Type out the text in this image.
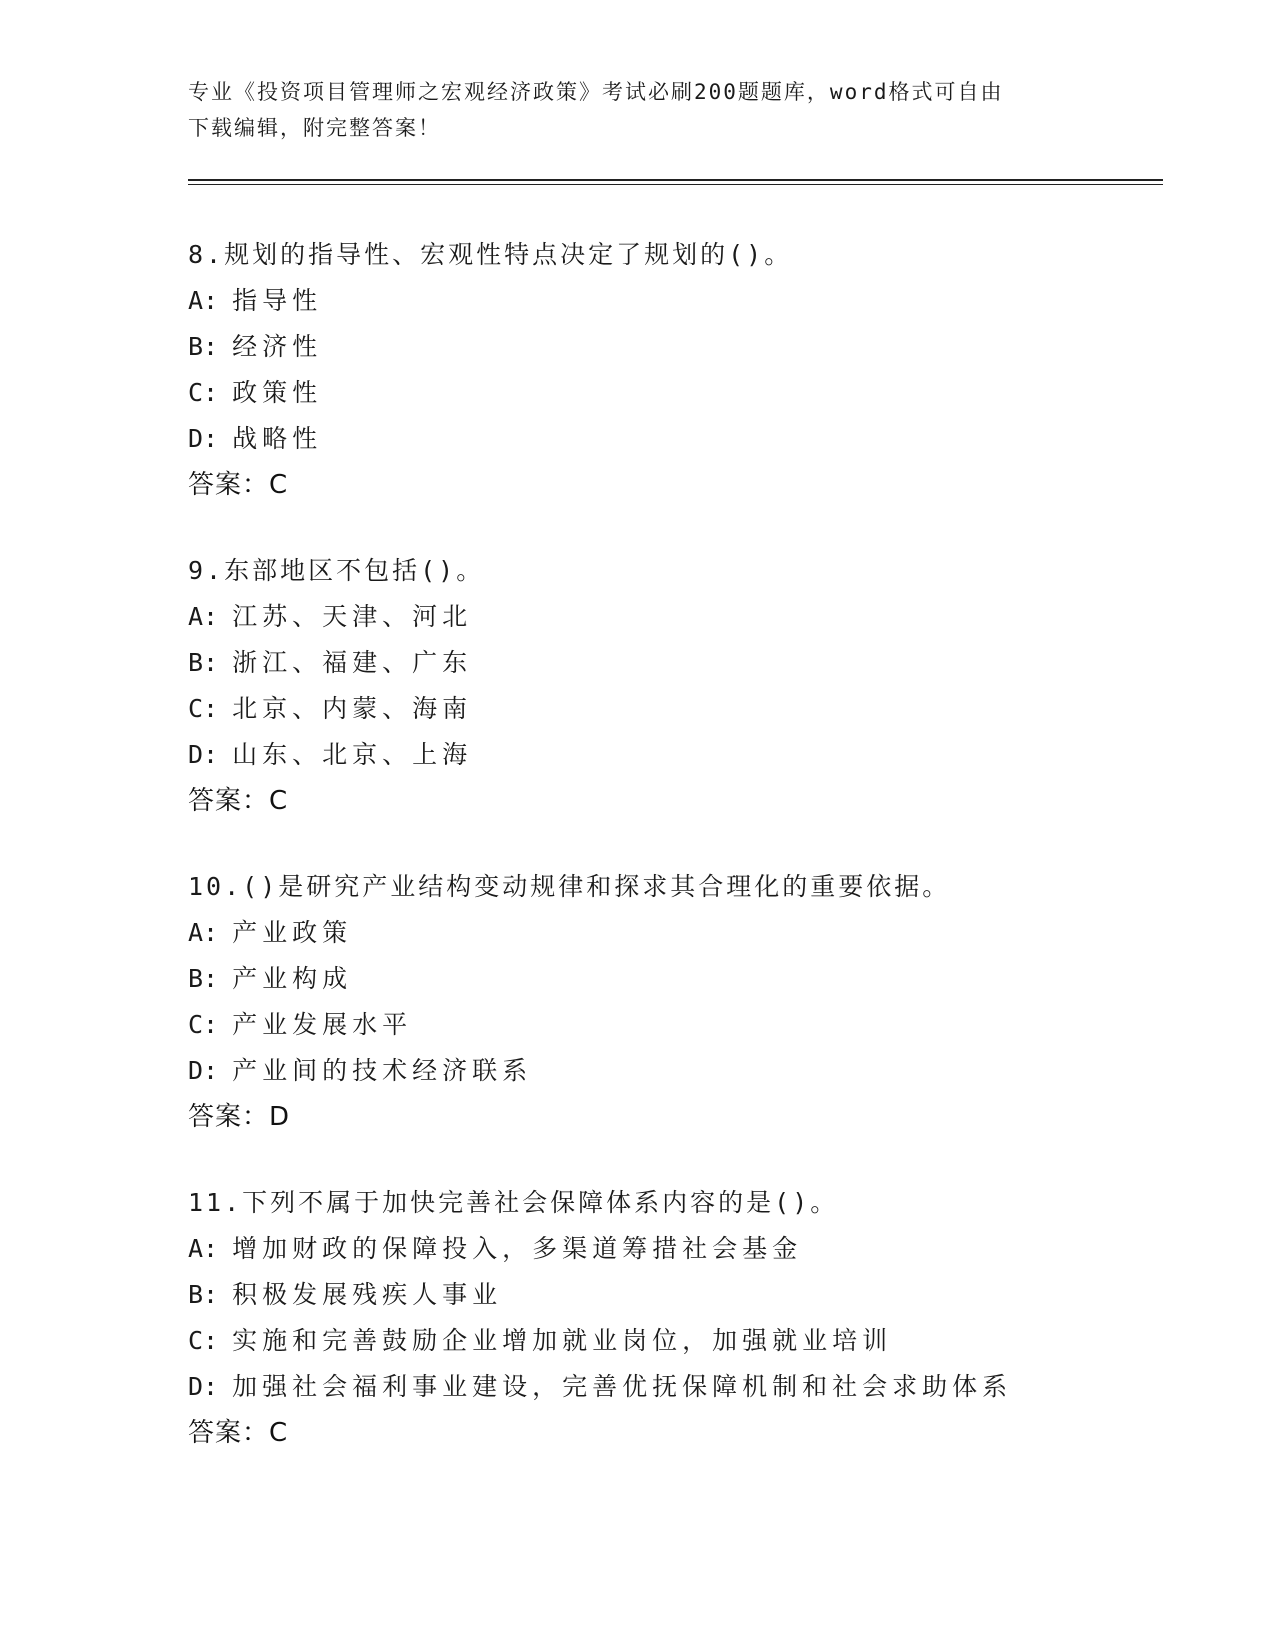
专业《投资项目管理师之宏观经济政策》考试必刷200题题库，word格式可自由
下载编辑，附完整答案！
8.规划的指导性、宏观性特点决定了规划的()。
A: 指导性
B: 经济性
C: 政策性
D: 战略性
答案：C
9.东部地区不包括()。
A: 江苏、天津、河北
B: 浙江、福建、广东
C: 北京、内蒙、海南
D: 山东、北京、上海
答案：C
10.()是研究产业结构变动规律和探求其合理化的重要依据。
A: 产业政策
B: 产业构成
C: 产业发展水平
D: 产业间的技术经济联系
答案：D
11.下列不属于加快完善社会保障体系内容的是()。
A: 增加财政的保障投入，多渠道筹措社会基金
B: 积极发展残疾人事业
C: 实施和完善鼓励企业增加就业岗位，加强就业培训
D: 加强社会福利事业建设，完善优抚保障机制和社会求助体系
答案：C
